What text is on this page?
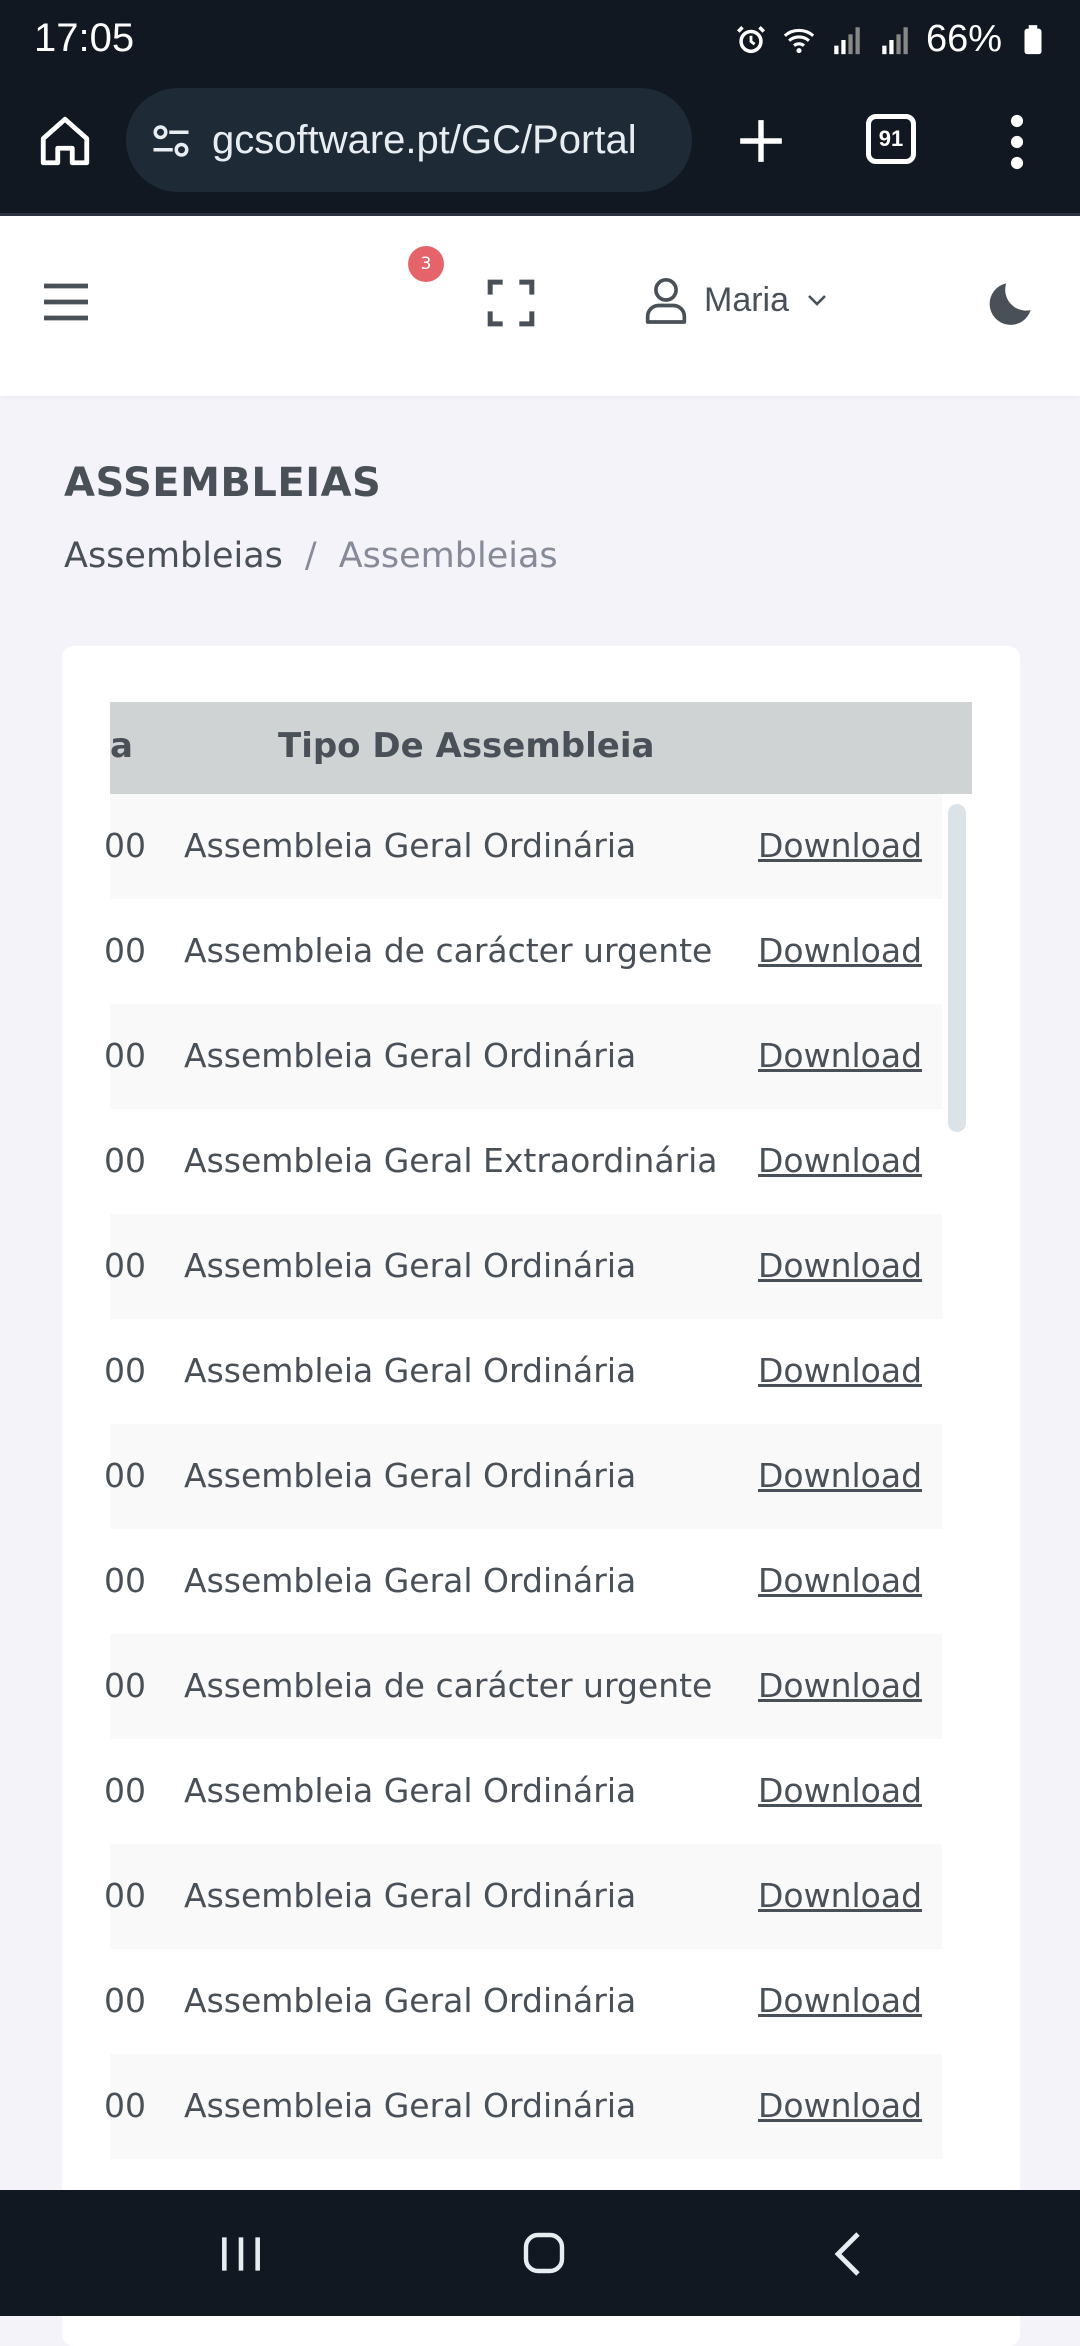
17:05	66%
gcsoftware.pt/GC/Portal	91
3
Maria
ASSEMBLEIAS
Assembleias / Assembleias
a	Tipo De Assembleia
00 Assembleia Geral Ordinária	Download
00 Assembleia de carácter urgente Download
00 Assembleia Geral Ordinária	Download
00 Assembleia Geral Extraordinária Download
00 Assembleia Geral Ordinária	Download
00 Assembleia Geral Ordinária	Download
00 Assembleia Geral Ordinária	Download
00 Assembleia Geral Ordinária	Download
00 Assembleia de carácter urgente Download
00 Assembleia Geral Ordinária	Download
00 Assembleia Geral Ordinária	Download
00 Assembleia Geral Ordinária	Download
00 Assembleia Geral Ordinária	Download
